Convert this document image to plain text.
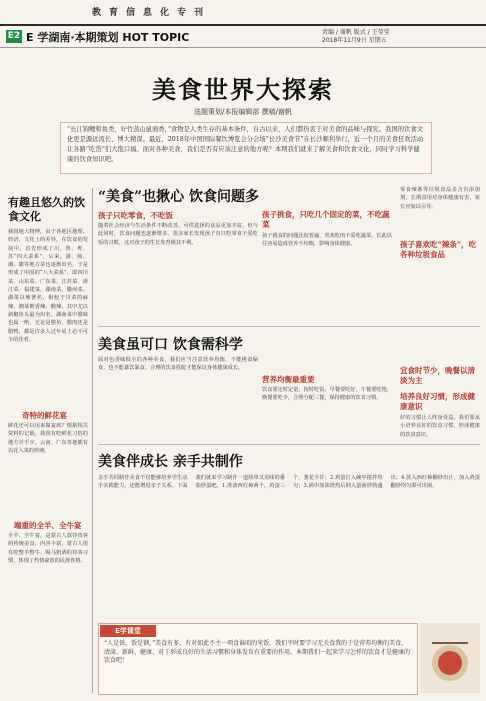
教育信息化专刊
E2 E 学湖南·本期策划 HOT TOPIC	责编 / 谢帆 版式 / 王莹莹
2018年11月9日 星期五
美食世界大探索
选题策划/本报编辑部 撰稿/谢帆
“长江锦鲤和鱼类，好竹蒸山鼠面香，”食物是人类生存的基本条件，自古以来，人们都热衷于对美食的品味与探究。我国的饮食文化更是源远流长、博大精深。最近，2018年中国国际餐饮博览会分会场“长沙美食节”在长沙顺利举行，近一个月的美食狂欢活动让各路“吃货”们大饱口福。面对各种美食，我们是否有应该注意的地方呢？本期我们就来了解美食和饮食文化，同时学习科学健康的饮食知识吧。
有趣且悠久的饮食文化
我国地大物博，由于各地区地理、经济、文化上的差异，在饮食的发展中，首先形成了川、鲁、粤、苏“四大菜系”，后来，浙、闽、湘、徽等地方菜也逐渐出名，于是形成了中国的“八大菜系”，即四川菜、山东菜、广东菜、江苏菜、浙江菜、福建菜、湖南菜、徽州菜。湖菜以辣著名，相较于川菜的麻辣，湘菜则香辣，酸辣，其中尤以剁椒鱼头最为出名。湖南菜中腊味也属一绝，无论是腊鱼、腊肉还是腊鸭，都是许多人过年桌上必不可少的佳肴。
奇特的鲜花宴
鲜花还可以用来做宴席？根据相关资料的记载，我国有吃鲜花习俗的地方并不少，云南、广东等地都有以花入菜的传统。
端重的全羊、全牛宴
全羊、全牛宴，是蒙古人款待贵客的传统美食，内容丰富，蒙古人很有吃整羊整牛、喝马奶酒的待客习惯，体现了热情豪放的民族性格。
“美食”也揪心 饮食问题多
孩子只吃零食，不吃饭
随着社会经济与生活条件不断改善，可供选择的食品更加丰富，但与此同时，饮食问题也逐渐增多。很多家长发现孩子有只吃零食不爱吃饭的习惯，这对孩子的生长发育极其不利。
孩子挑食，只吃几个固定的菜，不吃蔬菜
孩子挑食的问题比较普遍，喜欢吃肉不爱吃蔬菜，长此以往容易造成营养不均衡，影响身体健康。	孩子喜欢吃“辣条”，吃各种垃圾食品
零食辣条等垃圾食品多含有添加剂，长期食用对身体健康有害，家长应加以引导。
美食虽可口 饮食需科学
营养均衡最重要
面对色香味俱全的各种美食，我们应当注意营养均衡，不能挑食偏食，也不能暴饮暴食。合理的饮食搭配才能保证身体健康成长。	宜食时节少，晚餐以清淡为主
饮食要定时定量，按时吃饭，早餐要吃好，午餐要吃饱，晚餐要吃少，合理分配三餐，保持健康的饮食习惯。	培养良好习惯，形成健康意识
好的习惯让人终身受益。我们要从小培养良好的饮食习惯，形成健康的饮食意识。
美食伴成长 亲手共制作
亲手共同制作美食不仅能够培养学生动手实践能力，还能增进亲子关系。下面我们就来学习制作一道简单又美味的番茄炒蛋吧。1.准备西红柿两个，鸡蛋三个，葱花少许；2.鸡蛋打入碗中搅拌均匀；3.锅中加油烧热后倒入蛋液炒熟盛出；4.放入西红柿翻炒出汁，加入鸡蛋翻炒均匀即可出锅。
E学课堂
“人是铁，饭是钢，”美食有多，有对如此不主一项食谁咱的米饭。我们平时要学习无关食我的于是营养均衡的美食，清淡、新鲜、健康、对于形成良好的生活习惯和身体发育有重要的作用。本期我们一起来学习怎样的饮食才是健康的饮食吧！
